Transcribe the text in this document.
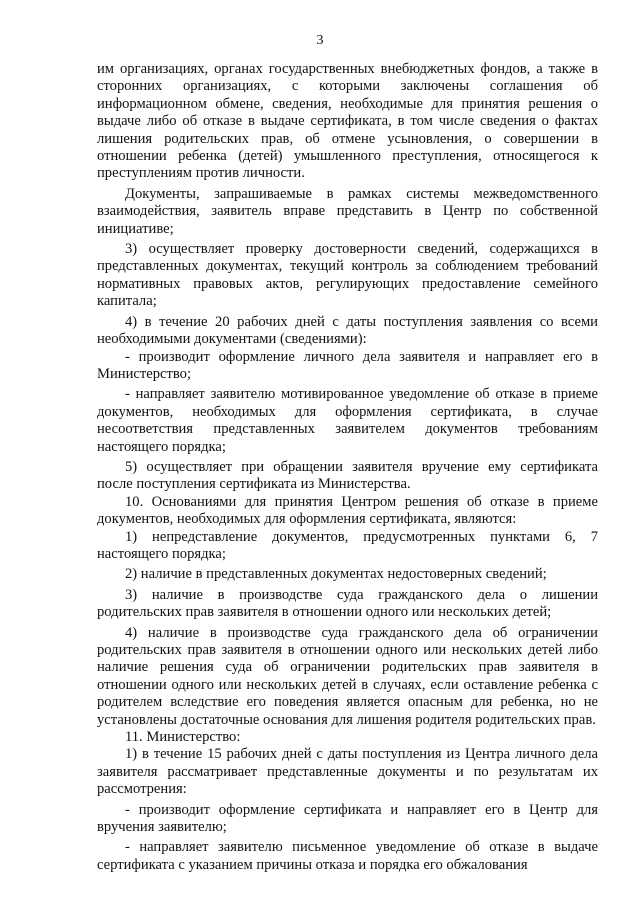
3

им организациях, органах государственных внебюджетных фондов, а также в сторонних организациях, с которыми заключены соглашения об информационном обмене, сведения, необходимые для принятия решения о выдаче либо об отказе в выдаче сертификата, в том числе сведения о фактах лишения родительских прав, об отмене усыновления, о совершении в отношении ребенка (детей) умышленного преступления, относящегося к преступлениям против личности.

Документы, запрашиваемые в рамках системы межведомственного взаимодействия, заявитель вправе представить в Центр по собственной инициативе;

3) осуществляет проверку достоверности сведений, содержащихся в представленных документах, текущий контроль за соблюдением требований нормативных правовых актов, регулирующих предоставление семейного капитала;

4) в течение 20 рабочих дней с даты поступления заявления со всеми необходимыми документами (сведениями):

- производит оформление личного дела заявителя и направляет его в Министерство;

- направляет заявителю мотивированное уведомление об отказе в приеме документов, необходимых для оформления сертификата, в случае несоответствия представленных заявителем документов требованиям настоящего порядка;

5) осуществляет при обращении заявителя вручение ему сертификата после поступления сертификата из Министерства.

10. Основаниями для принятия Центром решения об отказе в приеме документов, необходимых для оформления сертификата, являются:

1) непредставление документов, предусмотренных пунктами 6, 7 настоящего порядка;

2) наличие в представленных документах недостоверных сведений;

3) наличие в производстве суда гражданского дела о лишении родительских прав заявителя в отношении одного или нескольких детей;

4) наличие в производстве суда гражданского дела об ограничении родительских прав заявителя в отношении одного или нескольких детей либо наличие решения суда об ограничении родительских прав заявителя в отношении одного или нескольких детей в случаях, если оставление ребенка с родителем вследствие его поведения является опасным для ребенка, но не установлены достаточные основания для лишения родителя родительских прав.

11. Министерство:

1) в течение 15 рабочих дней с даты поступления из Центра личного дела заявителя рассматривает представленные документы и по результатам их рассмотрения:

- производит оформление сертификата и направляет его в Центр для вручения заявителю;

- направляет заявителю письменное уведомление об отказе в выдаче сертификата с указанием причины отказа и порядка его обжалования
